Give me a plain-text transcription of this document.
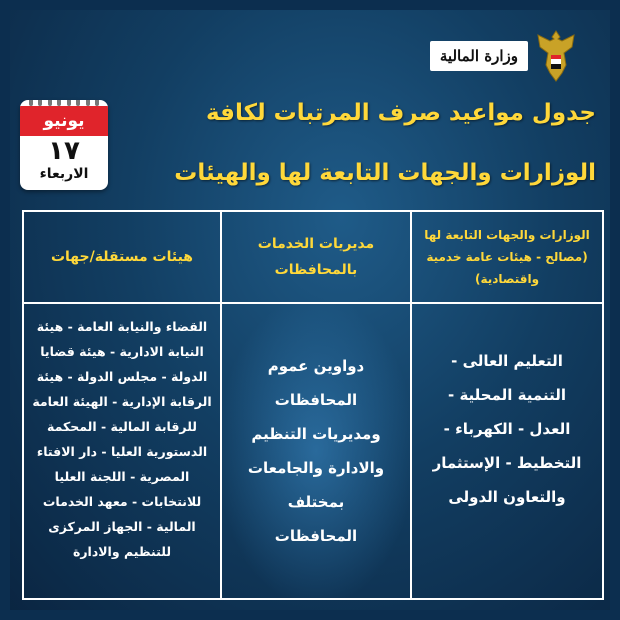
وزارة المالية
يونيو
١٧
الاربعاء
جدول مواعيد صرف المرتبات لكافة
الوزارات والجهات التابعة لها والهيئات
هيئات مستقلة/جهات
مديريات الخدمات بالمحافظات
الوزارات والجهات التابعة لها (مصالح - هيئات عامة خدمية واقتصادية)
القضاء والنيابة العامة - هيئة النيابة الادارية - هيئة قضايا الدولة - مجلس الدولة - هيئة الرقابة الإدارية - الهيئة العامة للرقابة المالية - المحكمة الدستورية العليا - دار الافتاء المصرية - اللجنة العليا للانتخابات - معهد الخدمات المالية - الجهاز المركزى للتنظيم والادارة
دواوين عموم المحافظات ومديريات التنظيم والادارة والجامعات بمختلف المحافظات
التعليم العالى - التنمية المحلية - العدل - الكهرباء - التخطيط - الإستثمار والتعاون الدولى
